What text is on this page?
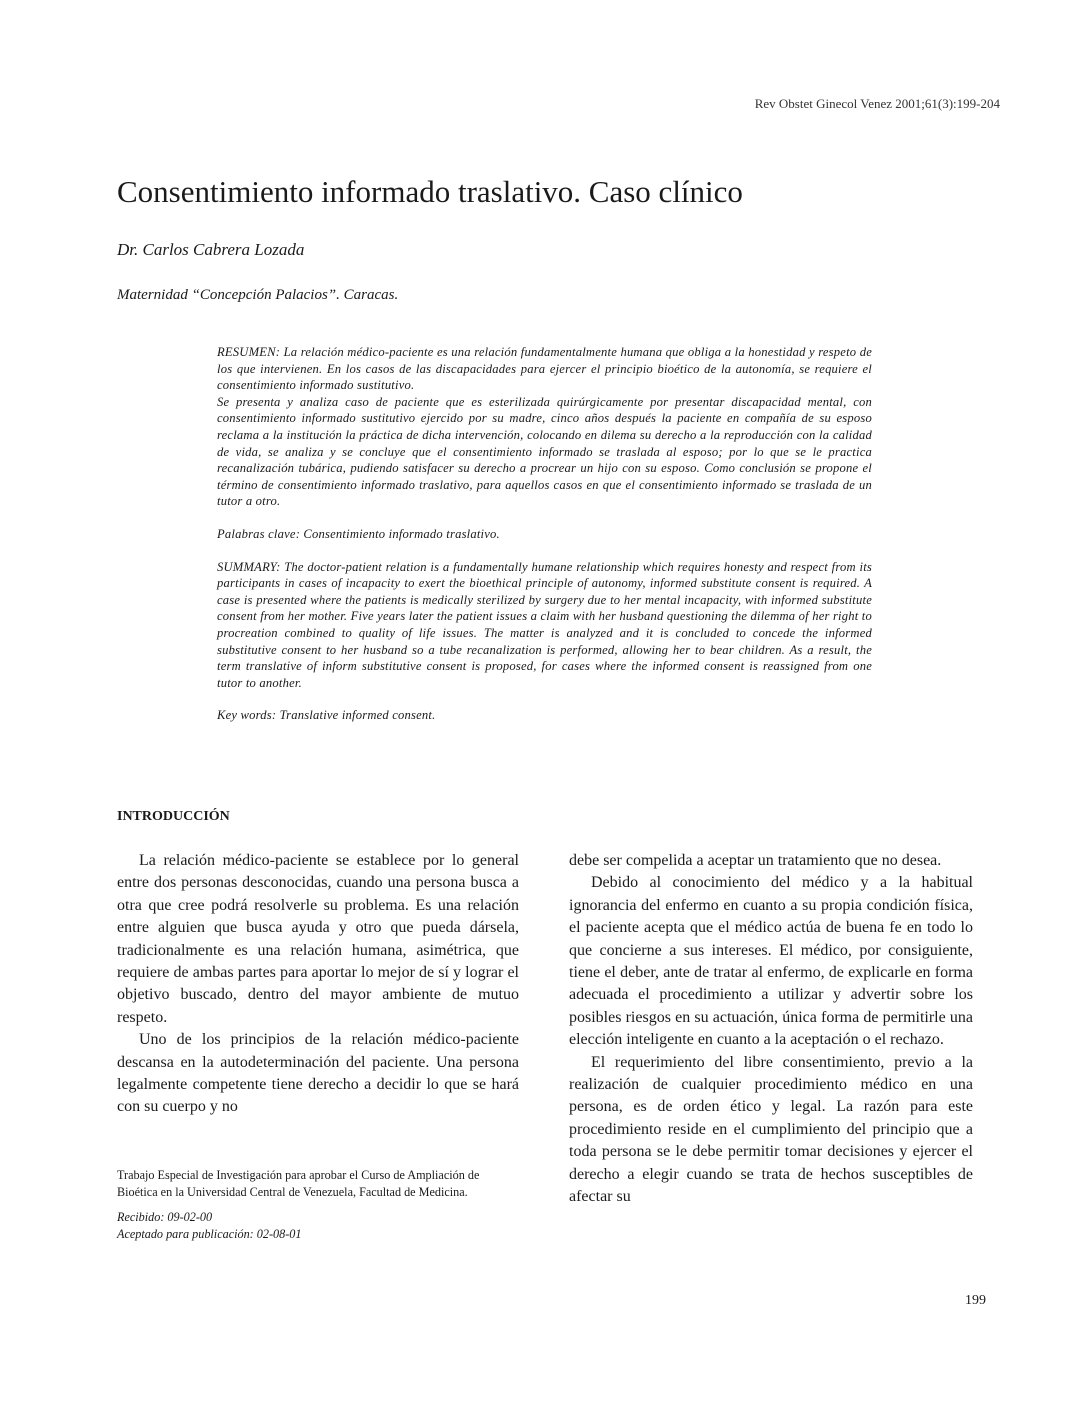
Rev Obstet Ginecol Venez 2001;61(3):199-204
Consentimiento informado traslativo. Caso clínico
Dr. Carlos Cabrera Lozada
Maternidad “Concepción Palacios”. Caracas.

RESUMEN: La relación médico-paciente es una relación fundamentalmente humana que obliga a la honestidad y respeto de los que intervienen. En los casos de las discapacidades para ejercer el principio bioético de la autonomía, se requiere el consentimiento informado sustitutivo.

Se presenta y analiza caso de paciente que es esterilizada quirúrgicamente por presentar discapacidad mental, con consentimiento informado sustitutivo ejercido por su madre, cinco años después la paciente en compañía de su esposo reclama a la institución la práctica de dicha intervención, colocando en dilema su derecho a la reproducción con la calidad de vida, se analiza y se concluye que el consentimiento informado se traslada al esposo; por lo que se le practica recanalización tubárica, pudiendo satisfacer su derecho a procrear un hijo con su esposo. Como conclusión se propone el término de consentimiento informado traslativo, para aquellos casos en que el consentimiento informado se traslada de un tutor a otro.

Palabras clave: Consentimiento informado traslativo.

SUMMARY: The doctor-patient relation is a fundamentally humane relationship which requires honesty and respect from its participants in cases of incapacity to exert the bioethical principle of autonomy, informed substitute consent is required. A case is presented where the patients is medically sterilized by surgery due to her mental incapacity, with informed substitute consent from her mother. Five years later the patient issues a claim with her husband questioning the dilemma of her right to procreation combined to quality of life issues. The matter is analyzed and it is concluded to concede the informed substitutive consent to her husband so a tube recanalization is performed, allowing her to bear children. As a result, the term translative of inform substitutive consent is proposed, for cases where the informed consent is reassigned from one tutor to another.

Key words: Translative informed consent.

INTRODUCCIÓN

La relación médico-paciente se establece por lo general entre dos personas desconocidas, cuando una persona busca a otra que cree podrá resolverle su problema. Es una relación entre alguien que busca ayuda y otro que pueda dársela, tradicionalmente es una relación humana, asimétrica, que requiere de ambas partes para aportar lo mejor de sí y lograr el objetivo buscado, dentro del mayor ambiente de mutuo respeto.

Uno de los principios de la relación médico-paciente descansa en la autodeterminación del paciente. Una persona legalmente competente tiene derecho a decidir lo que se hará con su cuerpo y no

debe ser compelida a aceptar un tratamiento que no desea.

Debido al conocimiento del médico y a la habitual ignorancia del enfermo en cuanto a su propia condición física, el paciente acepta que el médico actúa de buena fe en todo lo que concierne a sus intereses. El médico, por consiguiente, tiene el deber, ante de tratar al enfermo, de explicarle en forma adecuada el procedimiento a utilizar y advertir sobre los posibles riesgos en su actuación, única forma de permitirle una elección inteligente en cuanto a la aceptación o el rechazo.

El requerimiento del libre consentimiento, previo a la realización de cualquier procedimiento médico en una persona, es de orden ético y legal. La razón para este procedimiento reside en el cumplimiento del principio que a toda persona se le debe permitir tomar decisiones y ejercer el derecho a elegir cuando se trata de hechos susceptibles de afectar su

Trabajo Especial de Investigación para aprobar el Curso de Ampliación de Bioética en la Universidad Central de Venezuela, Facultad de Medicina.

Recibido: 09-02-00

Aceptado para publicación: 02-08-01

199
